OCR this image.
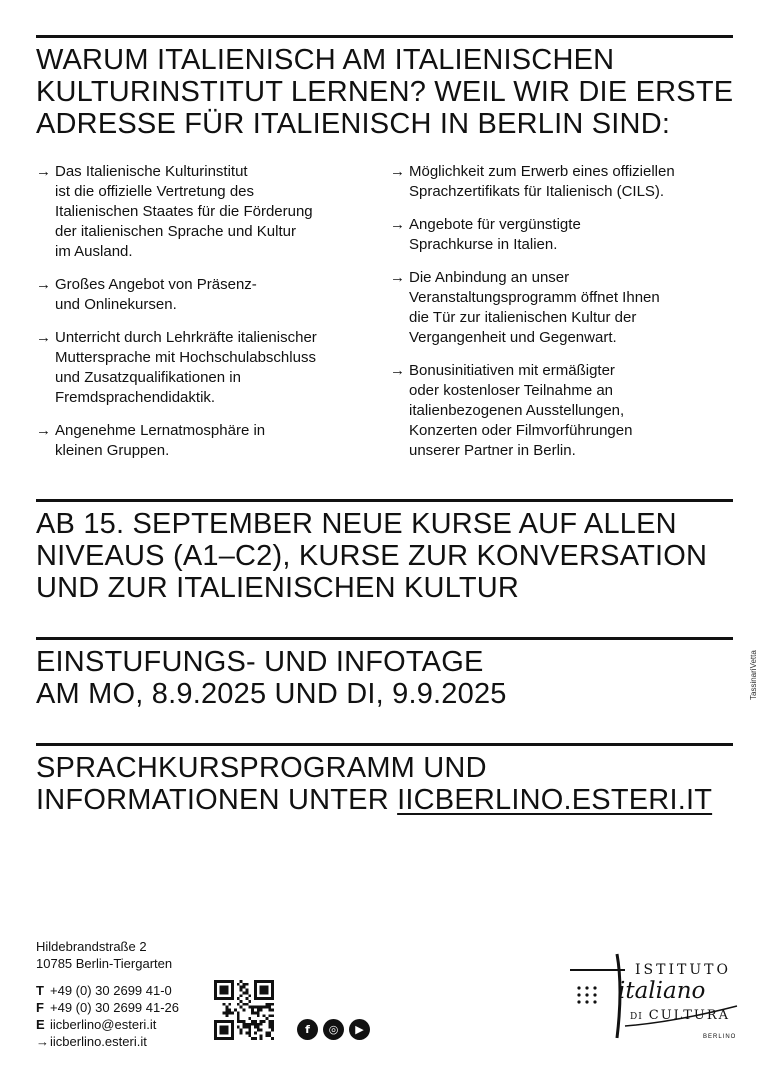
WARUM ITALIENISCH AM ITALIENISCHEN
KULTURINSTITUT LERNEN? WEIL WIR DIE ERSTE
ADRESSE FÜR ITALIENISCH IN BERLIN SIND:
→ Das Italienische Kulturinstitut
ist die offizielle Vertretung des
Italienischen Staates für die Förderung
der italienischen Sprache und Kultur
im Ausland.
→ Großes Angebot von Präsenz-
und Onlinekursen.
→ Unterricht durch Lehrkräfte italienischer
Muttersprache mit Hochschulabschluss
und Zusatzqualifikationen in
Fremdsprachendidaktik.
→ Angenehme Lernatmosphäre in
kleinen Gruppen.
→ Möglichkeit zum Erwerb eines offiziellen
Sprachzertifikats für Italienisch (CILS).
→ Angebote für vergünstigte
Sprachkurse in Italien.
→ Die Anbindung an unser
Veranstaltungsprogramm öffnet Ihnen
die Tür zur italienischen Kultur der
Vergangenheit und Gegenwart.
→ Bonusinitiativen mit ermäßigter
oder kostenloser Teilnahme an
italienbezogenen Ausstellungen,
Konzerten oder Filmvorführungen
unserer Partner in Berlin.
AB 15. SEPTEMBER NEUE KURSE AUF ALLEN
NIVEAUS (A1–C2), KURSE ZUR KONVERSATION
UND ZUR ITALIENISCHEN KULTUR
EINSTUFUNGS- UND INFOTAGE
AM MO, 8.9.2025 UND DI, 9.9.2025
SPRACHKURSPROGRAMM UND
INFORMATIONEN UNTER IICBERLINO.ESTERI.IT
TassinariVetta
Hildebrandstraße 2
10785 Berlin-Tiergarten
T +49 (0) 30 2699 41-0
F +49 (0) 30 2699 41-26
E iicberlino@esteri.it
→iicberlino.esteri.it
f	◎	▶
ISTITUTO
italiano
DI CULTURA
BERLINO
